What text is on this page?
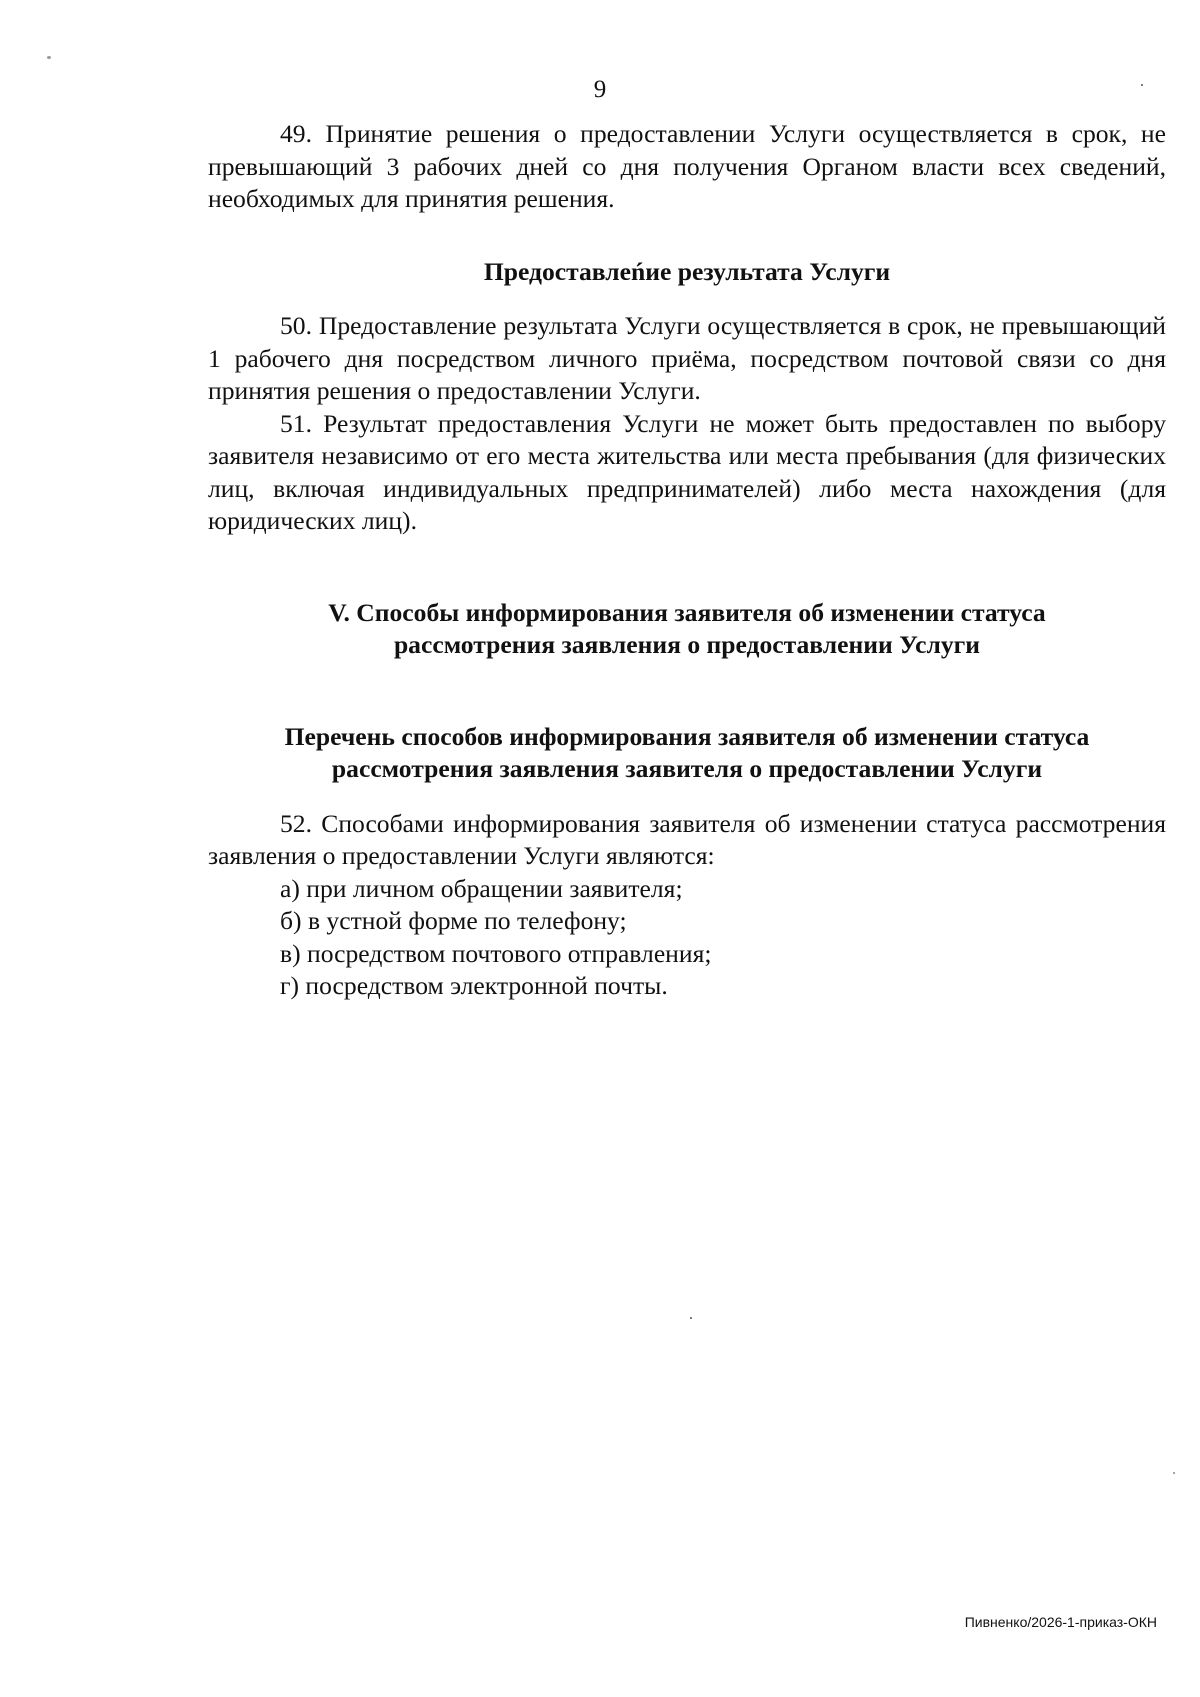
9

49. Принятие решения о предоставлении Услуги осуществляется в срок, не превышающий 3 рабочих дней со дня получения Органом власти всех сведений, необходимых для принятия решения.

Предоставлеńие результата Услуги

50. Предоставление результата Услуги осуществляется в срок, не превышающий 1 рабочего дня посредством личного приёма, посредством почтовой связи со дня принятия решения о предоставлении Услуги.

51. Результат предоставления Услуги не может быть предоставлен по выбору заявителя независимо от его места жительства или места пребывания (для физических лиц, включая индивидуальных предпринимателей) либо места нахождения (для юридических лиц).

V. Способы информирования заявителя об изменении статуса
рассмотрения заявления о предоставлении Услуги
Перечень способов информирования заявителя об изменении статуса
рассмотрения заявления заявителя о предоставлении Услуги

52. Способами информирования заявителя об изменении статуса рассмотрения заявления о предоставлении Услуги являются:

а) при личном обращении заявителя;

б) в устной форме по телефону;

в) посредством почтового отправления;

г) посредством электронной почты.

Пивненко/2026-1-приказ-ОКН
